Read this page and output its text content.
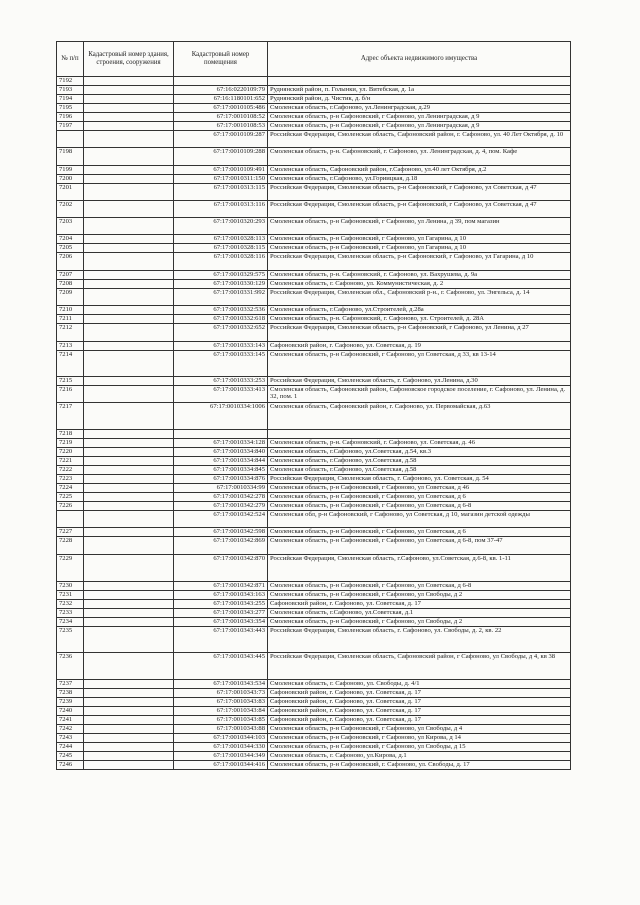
№ п/п	Кадастровый номер здания, строения, сооружения	Кадастровый номер помещения	Адрес объекта недвижимого имущества
7192			
7193		67:16:0220109:79	Руднянский район, п. Голынки, ул. Витебская, д. 1а
7194		67:16:1180101:652	Руднянский район, д. Чистик, д. б/н
7195		67:17:0010105:486	Смоленская область, г.Сафоново, ул.Ленинградская, д.29
7196		67:17:0010108:52	Смоленская область, р-н Сафоновский, г Сафоново, ул Ленинградская, д 9
7197		67:17:0010108:53	Смоленская область, р-н Сафоновский, г Сафоново, ул Ленинградская, д 9
		67:17:0010109:287	Российская Федерация, Смоленская область, Сафоновский район, г. Сафоново, ул. 40 Лет Октября, д. 10
7198		67:17:0010109:288	Смоленская область, р-н. Сафоновский, г. Сафоново, ул. Ленинградская, д. 4, пом. Кафе
7199		67:17:0010109:491	Смоленская область, Сафоновский район, г.Сафоново, ул.40 лет Октября, д.2
7200		67:17:0010311:150	Смоленская область, г.Сафоново, ул.Гориицкая, д.18
7201		67:17:0010313:115	Российская Федерация, Смоленская область, р-н Сафоновский, г Сафоново, ул Советская, д 47
7202		67:17:0010313:116	Российская Федерация, Смоленская область, р-н Сафоновский, г Сафоново, ул Советская, д 47
7203		67:17:0010320:293	Смоленская область, р-н Сафоновский, г Сафоново, ул Ленина, д 39, пом магазин
7204		67:17:0010328:113	Смоленская область, р-н Сафоновский, г Сафоново, ул Гагарина, д 10
7205		67:17:0010328:115	Смоленская область, р-н Сафоновский, г Сафоново, ул Гагарина, д 10
7206		67:17:0010328:116	Российская Федерация, Смоленская область, р-н Сафоновский, г Сафоново, ул Гагарина, д 10
7207		67:17:0010329:575	Смоленская область, р-н. Сафоновский, г. Сафоново, ул. Вахрушева, д. 9а
7208		67:17:0010330:129	Смоленская область, г. Сафоново, ул. Коммунистическая, д. 2
7209		67:17:0010331:992	Российская Федерация, Смоленская обл., Сафоновский р-н., г. Сафоново, ул. Энгельса, д. 14
7210		67:17:0010332:536	Смоленская область, г.Сафоново, ул.Строителей, д.28а
7211		67:17:0010332:618	Смоленская область, р-н. Сафоновский, г. Сафоново, ул. Строителей, д. 28А
7212		67:17:0010332:652	Российская Федерация, Смоленская область, р-н Сафоновский, г Сафоново, ул Ленина, д 27
7213		67:17:0010333:143	Сафоновский район, г. Сафоново, ул. Советская, д. 19
7214		67:17:0010333:145	Смоленская область, р-н Сафоновский, г Сафоново, ул Советская, д 33, кв 13-14
7215		67:17:0010333:253	Российская Федерация, Смоленская область, г. Сафоново, ул.Ленина, д.30
7216		67:17:0010333:413	Смоленская область, Сафоновский район, Сафоновское городское поселение, г. Сафоново, ул. Ленина, д. 32, пом. 1
7217		67:17:0010334:1006	Смоленская область, Сафоновский район, г. Сафоново, ул. Первомайская, д.63
7218			
7219		67:17:0010334:128	Смоленская область, р-н. Сафоновский, г. Сафоново, ул. Советская, д. 46
7220		67:17:0010334:840	Смоленская область, г.Сафоново, ул.Советская, д.54, кв.3
7221		67:17:0010334:844	Смоленская область, г.Сафоново, ул.Советская, д.58
7222		67:17:0010334:845	Смоленская область, г.Сафоново, ул.Советская, д.58
7223		67:17:0010334:876	Российская Федерация, Смоленская область, г. Сафоново, ул. Советская, д. 54
7224		67:17:0010334:99	Смоленская область, р-н Сафоновский, г Сафоново, ул Советская, д 46
7225		67:17:0010342:278	Смоленская область, р-н Сафоновский, г Сафоново, ул Советская, д 6
7226		67:17:0010342:279	Смоленская область, р-н Сафоновский, г Сафоново, ул Советская, д 6-8
		67:17:0010342:524	Смоленская обл, р-н Сафоновский, г Сафоново, ул Советская, д 10, магазин детской одежды
7227		67:17:0010342:598	Смоленская область, р-н Сафоновский, г Сафоново, ул Советская, д 6
7228		67:17:0010342:869	Смоленская область, р-н Сафоновский, г Сафоново, ул Советская, д 6-8, пом 37-47
7229		67:17:0010342:870	Российская Федерация, Смоленская область, г.Сафоново, ул.Советская, д.6-8, кв. 1-11
7230		67:17:0010342:871	Смоленская область, р-н Сафоновский, г Сафоново, ул Советская, д 6-8
7231		67:17:0010343:163	Смоленская область, р-н Сафоновский, г Сафоново, ул Свободы, д 2
7232		67:17:0010343:255	Сафоновский район, г. Сафоново, ул. Советская, д. 17
7233		67:17:0010343:277	Смоленская область, г.Сафоново, ул.Советская, д.1
7234		67:17:0010343:354	Смоленская область, р-н Сафоновский, г Сафоново, ул Свободы, д 2
7235		67:17:0010343:443	Российская Федерация, Смоленская область, г. Сафоново, ул. Свободы, д. 2, кв. 22
7236		67:17:0010343:445	Российская Федерация, Смоленская область, Сафоновский район, г Сафоново, ул Свободы, д 4, кв 38
7237		67:17:0010343:534	Смоленская область, г. Сафоново, ул. Свободы, д. 4/1
7238		67:17:0010343:73	Сафоновский район, г. Сафоново, ул. Советская, д. 17
7239		67:17:0010343:83	Сафоновский район, г. Сафоново, ул. Советская, д. 17
7240		67:17:0010343:84	Сафоновский район, г. Сафоново, ул. Советская, д. 17
7241		67:17:0010343:85	Сафоновский район, г. Сафоново, ул. Советская, д. 17
7242		67:17:0010343:88	Смоленская область, р-н Сафоновский, г Сафоново, ул Свободы, д 4
7243		67:17:0010344:103	Смоленская область, р-н Сафоновский, г Сафоново, ул Кирова, д 14
7244		67:17:0010344:330	Смоленская область, р-н Сафоновский, г Сафоново, ул Свободы, д 15
7245		67:17:0010344:349	Смоленская область, г. Сафоново, ул.Кирова, д.1
7246		67:17:0010344:416	Смоленская область, р-н Сафоновский, г. Сафоново, ул. Свободы, д. 17
